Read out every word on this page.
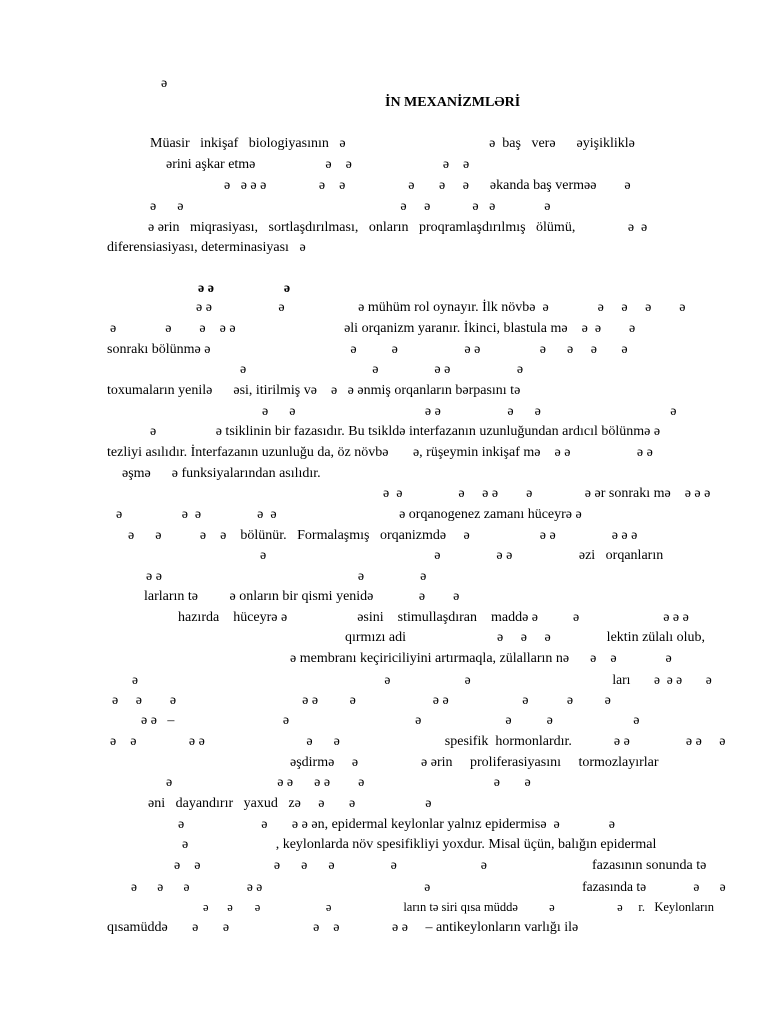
ə
İN MEXANİZMLƏRİ
Müasir   inkişaf   biologiyasının   ə                                         ə  baş   verə      əyişikliklə
ərini aşkar etmə                    ə    ə                          ə    ə
ə   ə ə ə               ə    ə                  ə       ə     ə      əkanda baş verməə        ə
ə      ə                                                              ə     ə            ə   ə              ə
ə ərin   miqrasiyası,   sortlaşdırılması,   onların   proqramlaşdırılmış   ölümü,               ə  ə
diferensiasiyası, determinasiyası   ə
ə ə                    ə
ə ə                   ə                     ə mühüm rol oynayır. İlk növbə  ə              ə     ə     ə        ə
ə              ə        ə    ə ə                               əli orqanizm yaranır. İkinci, blastula mə    ə  ə        ə
sonrakı bölünmə ə                                        ə          ə                   ə ə                 ə      ə     ə       ə
ə                                    ə                ə ə                   ə
toxumaların yenilə      əsi, itirilmiş və    ə   ə ənmiş orqanların bərpasını tə
ə      ə                                     ə ə                   ə      ə                                     ə
ə                 ə tsiklinin bir fazasıdır. Bu tsikldə interfazanın uzunluğundan ardıcıl bölünmə ə
tezliyi asılıdır. İnterfazanın uzunluğu da, öz növbə       ə, rüşeymin inkişaf mə    ə ə                   ə ə
əşmə      ə funksiyalarından asılıdır.
ə  ə                ə     ə ə        ə               ə ər sonrakı mə    ə ə ə
ə                 ə  ə                ə  ə                                   ə orqanogenez zamanı hüceyrə ə
ə      ə           ə    ə    bölünür.   Formalaşmış   orqanizmdə     ə                    ə ə                ə ə ə
ə                                                ə                ə ə                   əzi   orqanların
ə ə                                                        ə                ə
larların tə         ə onların bir qismi yenidə             ə        ə
hazırda    hüceyrə ə                    əsini    stimullaşdıran    maddə ə          ə                        ə ə ə
qırmızı adi                          ə     ə     ə                lektin zülalı olub,
ə membranı keçiriciliyini artırmaqla, zülalların nə      ə    ə              ə
ə                                                                         ə                      ə                                          ları       ə  ə ə       ə
ə     ə        ə                                    ə ə         ə                      ə ə                     ə           ə         ə
ə ə   –                               ə                                    ə                        ə          ə                       ə
ə    ə               ə ə                             ə      ə                              spesifik  hormonlardır.            ə ə                ə ə     ə
əşdirmə     ə                  ə ərin     proliferasiyasını     tormozlayırlar
ə                              ə ə      ə ə        ə                                     ə       ə
əni   dayandırır   yaxud   zə     ə       ə                    ə
ə                      ə       ə ə ən, epidermal keylonlar yalnız epidermisə  ə              ə
ə                         , keylonlarda növ spesifikliyi yoxdur. Misal üçün, balığın epidermal
ə    ə                     ə      ə      ə                ə                        ə                              fazasının sonunda tə
ə      ə      ə                 ə ə                                                ə                                             fazasında tə              ə      ə
ə      ə       ə                     ə                       ların tə siri qısa müddə          ə                    ə     r.   Keylonların
qısamüddə       ə       ə                        ə    ə               ə ə     – antikeylonların varlığı ilə
